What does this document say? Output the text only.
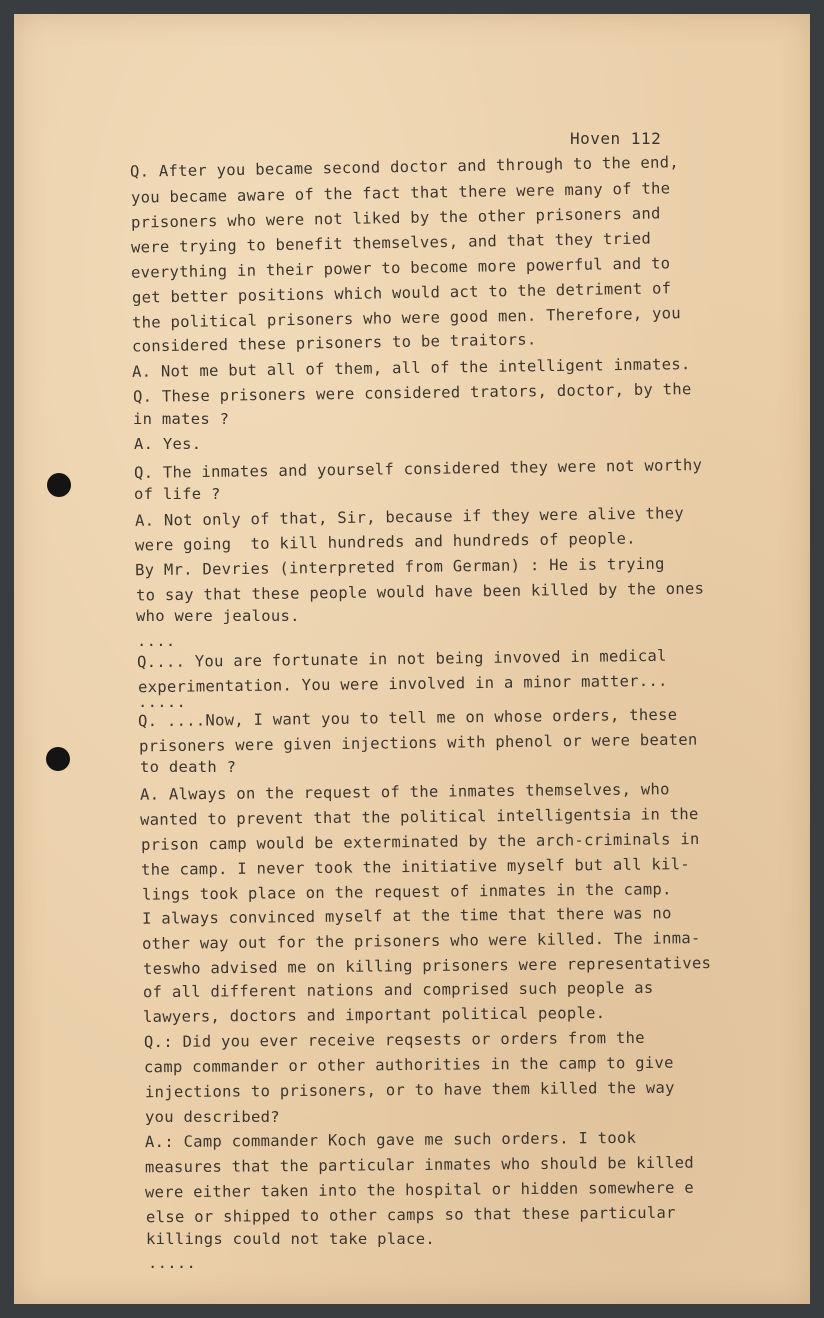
Hoven 112
Q. After you became second doctor and through to the end,
you became aware of the fact that there were many of the
prisoners who were not liked by the other prisoners and
were trying to benefit themselves, and that they tried
everything in their power to become more powerful and to
get better positions which would act to the detriment of
the political prisoners who were good men. Therefore, you
considered these prisoners to be traitors.
A. Not me but all of them, all of the intelligent inmates.
Q. These prisoners were considered trators, doctor, by the
in mates ?
A. Yes.
Q. The inmates and yourself considered they were not worthy
of life ?
A. Not only of that, Sir, because if they were alive they
were going  to kill hundreds and hundreds of people.
By Mr. Devries (interpreted from German) : He is trying
to say that these people would have been killed by the ones
who were jealous.
....
Q.... You are fortunate in not being invoved in medical
experimentation. You were involved in a minor matter...
.....
Q. ....Now, I want you to tell me on whose orders, these
prisoners were given injections with phenol or were beaten
to death ?
A. Always on the request of the inmates themselves, who
wanted to prevent that the political intelligentsia in the
prison camp would be exterminated by the arch-criminals in
the camp. I never took the initiative myself but all kil-
lings took place on the request of inmates in the camp.
I always convinced myself at the time that there was no
other way out for the prisoners who were killed. The inma-
teswho advised me on killing prisoners were representatives
of all different nations and comprised such people as
lawyers, doctors and important political people.
Q.: Did you ever receive reqsests or orders from the
camp commander or other authorities in the camp to give
injections to prisoners, or to have them killed the way
you described?
A.: Camp commander Koch gave me such orders. I took
measures that the particular inmates who should be killed
were either taken into the hospital or hidden somewhere e
else or shipped to other camps so that these particular
killings could not take place.
.....
